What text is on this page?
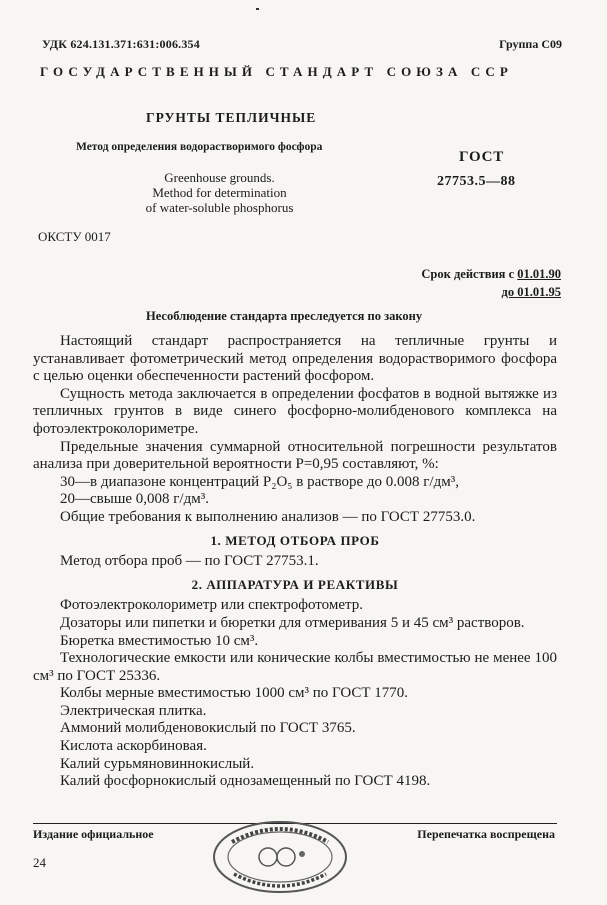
УДК 624.131.371:631:006.354	Группа С09
ГОСУДАРСТВЕННЫЙ СТАНДАРТ СОЮЗА ССР
ГРУНТЫ ТЕПЛИЧНЫЕ
Метод определения водорастворимого фосфора
Greenhouse grounds.
Method for determination
of water-soluble phosphorus
ГОСТ
27753.5—88
ОКСТУ 0017
Срок действия с 01.01.90
до 01.01.95
Несоблюдение стандарта преследуется по закону

Настоящий стандарт распространяется на тепличные грунты и устанавливает фотометрический метод определения водорастворимого фосфора с целью оценки обеспеченности растений фосфором.

Сущность метода заключается в определении фосфатов в водной вытяжке из тепличных грунтов в виде синего фосфорно-молибденового комплекса на фотоэлектроколориметре.

Предельные значения суммарной относительной погрешности результатов анализа при доверительной вероятности P=0,95 составляют, %:

30—в диапазоне концентраций P₂O₅ в растворе до 0.008 г/дм³,

20—свыше 0,008 г/дм³.

Общие требования к выполнению анализов — по ГОСТ 27753.0.

1. МЕТОД ОТБОРА ПРОБ

Метод отбора проб — по ГОСТ 27753.1.

2. АППАРАТУРА И РЕАКТИВЫ

Фотоэлектроколориметр или спектрофотометр.

Дозаторы или пипетки и бюретки для отмеривания 5 и 45 см³ растворов.

Бюретка вместимостью 10 см³.

Технологические емкости или конические колбы вместимостью не менее 100 см³ по ГОСТ 25336.

Колбы мерные вместимостью 1000 см³ по ГОСТ 1770.

Электрическая плитка.

Аммоний молибденовокислый по ГОСТ 3765.

Кислота аскорбиновая.

Калий сурьмяновиннокислый.

Калий фосфорнокислый однозамещенный по ГОСТ 4198.

Издание официальное	Перепечатка воспрещена
24
